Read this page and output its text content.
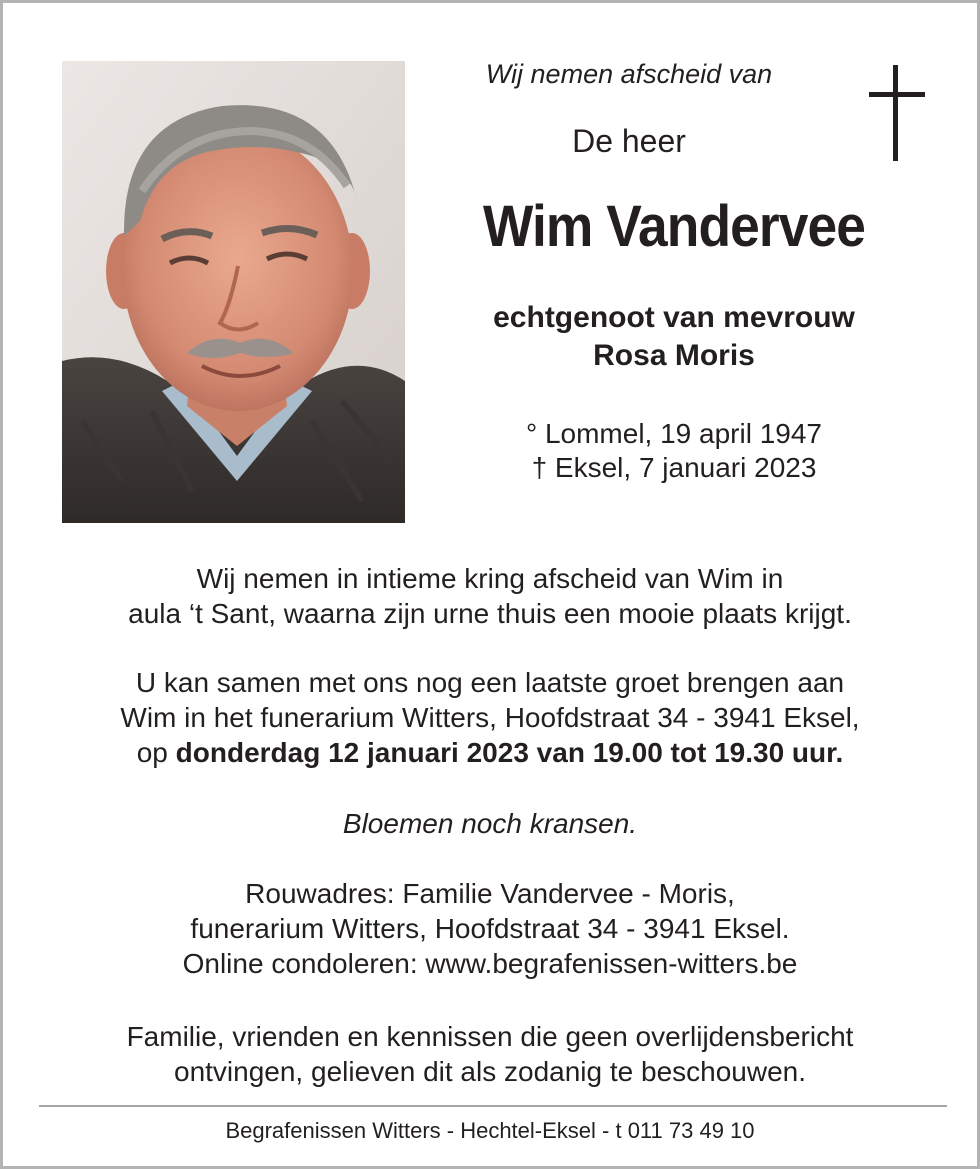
Wij nemen afscheid van
De heer
Wim Vandervee
echtgenoot van mevrouw
Rosa Moris
° Lommel, 19 april 1947
† Eksel, 7 januari 2023
Wij nemen in intieme kring afscheid van Wim in
aula ‘t Sant, waarna zijn urne thuis een mooie plaats krijgt.
U kan samen met ons nog een laatste groet brengen aan
Wim in het funerarium Witters, Hoofdstraat 34 - 3941 Eksel,
op donderdag 12 januari 2023 van 19.00 tot 19.30 uur.
Bloemen noch kransen.
Rouwadres: Familie Vandervee - Moris,
funerarium Witters, Hoofdstraat 34 - 3941 Eksel.
Online condoleren: www.begrafenissen-witters.be
Familie, vrienden en kennissen die geen overlijdensbericht
ontvingen, gelieven dit als zodanig te beschouwen.
Begrafenissen Witters - Hechtel-Eksel - t 011 73 49 10
